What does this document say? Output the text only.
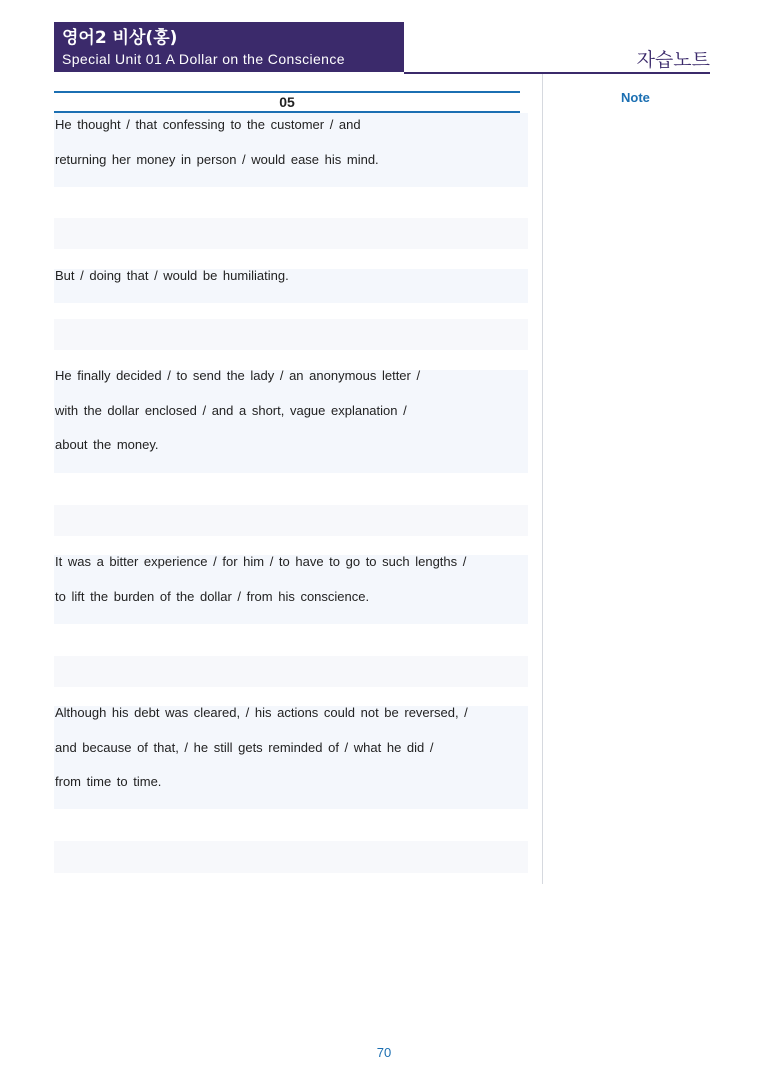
영어2 비상(홍)
Special Unit 01 A Dollar on the Conscience	자습노트
Note
05
He thought / that confessing to the customer / and
returning her money in person / would ease his mind.
But / doing that / would be humiliating.
He finally decided / to send the lady / an anonymous letter /
with the dollar enclosed / and a short, vague explanation /
about the money.
It was a bitter experience / for him / to have to go to such lengths /
to lift the burden of the dollar / from his conscience.
Although his debt was cleared, / his actions could not be reversed, /
and because of that, / he still gets reminded of / what he did /
from time to time.
70
